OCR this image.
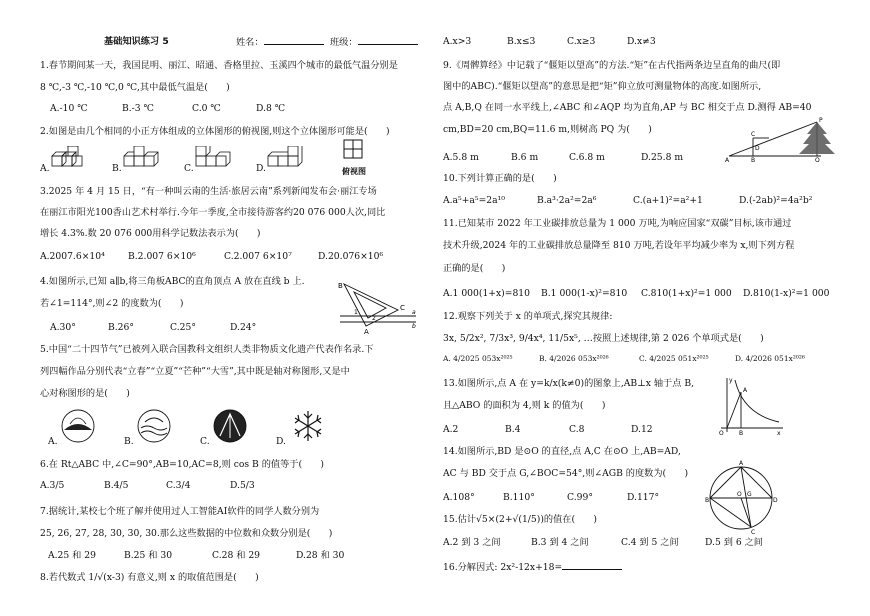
基础知识练习 5	姓名：	班级：
1.春节期间某一天，我国昆明、丽江、昭通、香格里拉、玉溪四个城市的最低气温分别是
8 ℃,-3 ℃,-10 ℃,0 ℃,其中最低气温是(　　)
A.-10 ℃	B.-3 ℃	C.0 ℃	D.8 ℃
2.如图是由几个相同的小正方体组成的立体图形的俯视图,则这个立体图形可能是(　　)
A.	B.	C.	D.	俯视图
3.2025 年 4 月 15 日，“有一种叫云南的生活·旅居云南”系列新闻发布会·丽江专场
在丽江市阳光100香山艺术村举行.今年一季度,全市接待游客约20 076 000人次,同比
增长 4.3%.数 20 076 000用科学记数法表示为(　　)
A.2007.6×10⁴	B.2.007 6×10⁶	C.2.007 6×10⁷	D.20.076×10⁶
4.如图所示,已知 a∥b,将三角板ABC的直角顶点 A 放在直线 b 上.
若∠1=114°,则∠2 的度数为(　　)
A.30°	B.26°	C.25°	D.24°
B
1
2
C
a
b
A
5.中国“二十四节气”已被列入联合国教科文组织人类非物质文化遗产代表作名录.下
列四幅作品分别代表“立春”“立夏”“芒种”“大雪”,其中既是轴对称图形,又是中
心对称图形的是(　　)
A.	B.	C.	D.
6.在 Rt△ABC 中,∠C=90°,AB=10,AC=8,则 cos B 的值等于(　　)
A.3/5	B.4/5	C.3/4	D.5/3
7.据统计,某校七个班了解并使用过人工智能AI软件的同学人数分别为
25, 26, 27, 28, 30, 30, 30.那么这些数据的中位数和众数分别是(　　)
A.25 和 29	B.25 和 30	C.28 和 29	D.28 和 30
8.若代数式 1/√(x-3) 有意义,则 x 的取值范围是(　　)
A.x>3	B.x≤3	C.x≥3	D.x≠3
9.《周髀算经》中记载了“偃矩以望高”的方法.“矩”在古代指两条边呈直角的曲尺(即
图中的ABC).“偃矩以望高”的意思是把“矩”仰立放可测量物体的高度.如图所示,
点 A,B,Q 在同一水平线上,∠ABC 和∠AQP 均为直角,AP 与 BC 相交于点 D.测得 AB=40
cm,BD=20 cm,BQ=11.6 m,则树高 PQ 为(　　)
A.5.8 m	B.6 m	C.6.8 m	D.25.8 m
P
C
D
A	B	Q
10.下列计算正确的是(　　)
A.a⁵+a⁵=2a¹⁰	B.a³·2a²=2a⁶	C.(a+1)²=a²+1	D.(-2ab)²=4a²b²
11.已知某市 2022 年工业碳排放总量为 1 000 万吨,为响应国家“双碳”目标,该市通过
技术升级,2024 年的工业碳排放总量降至 810 万吨,若设年平均减少率为 x,则下列方程
正确的是(　　)
A.1 000(1+x)=810 B.1 000(1-x)²=810 C.810(1+x)²=1 000 D.810(1-x)²=1 000
12.观察下列关于 x 的单项式,探究其规律:
3x, 5/2x², 7/3x³, 9/4x⁴, 11/5x⁵, …按照上述规律,第 2 026 个单项式是(　　)
A. 4/2025 053x²⁰²⁵	B. 4/2026 053x²⁰²⁶	C. 4/2025 051x²⁰²⁵	D. 4/2026 051x²⁰²⁶
13.如图所示,点 A 在 y=k/x(k≠0)的图象上,AB⊥x 轴于点 B,
且△ABO 的面积为 4,则 k 的值为(　　)
A.2	B.4	C.8	D.12
y
A
O	B	x
14.如图所示,BD 是⊙O 的直径,点 A,C 在⊙O 上,AB=AD,
AC 与 BD 交于点 G,∠BOC=54°,则∠AGB 的度数为(　　)
A.108°	B.110°	C.99°	D.117°
A
B
O G
D
C
15.估计√5×(2+√(1/5))的值在(　　)
A.2 到 3 之间	B.3 到 4 之间	C.4 到 5 之间	D.5 到 6 之间
16.分解因式: 2x²-12x+18=
